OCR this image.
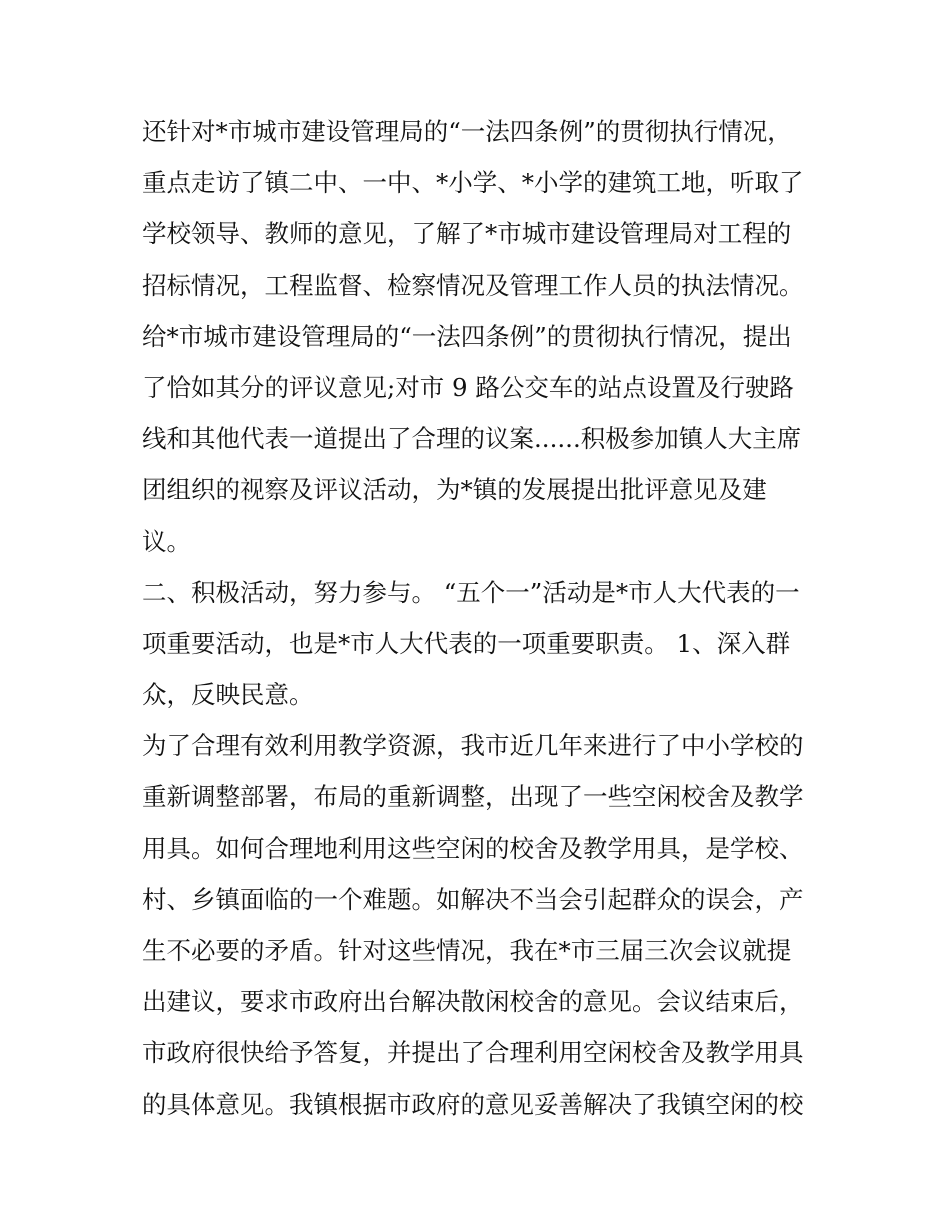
还针对*市城市建设管理局的“一法四条例”的贯彻执行情况，
重点走访了镇二中、一中、*小学、*小学的建筑工地，听取了
学校领导、教师的意见，了解了*市城市建设管理局对工程的
招标情况，工程监督、检察情况及管理工作人员的执法情况。
给*市城市建设管理局的“一法四条例”的贯彻执行情况，提出
了恰如其分的评议意见;对市 9 路公交车的站点设置及行驶路
线和其他代表一道提出了合理的议案......积极参加镇人大主席
团组织的视察及评议活动，为*镇的发展提出批评意见及建
议。
二、积极活动，努力参与。 “五个一”活动是*市人大代表的一
项重要活动，也是*市人大代表的一项重要职责。 1、深入群
众，反映民意。
为了合理有效利用教学资源，我市近几年来进行了中小学校的
重新调整部署，布局的重新调整，出现了一些空闲校舍及教学
用具。如何合理地利用这些空闲的校舍及教学用具，是学校、
村、乡镇面临的一个难题。如解决不当会引起群众的误会，产
生不必要的矛盾。针对这些情况，我在*市三届三次会议就提
出建议，要求市政府出台解决散闲校舍的意见。会议结束后，
市政府很快给予答复，并提出了合理利用空闲校舍及教学用具
的具体意见。我镇根据市政府的意见妥善解决了我镇空闲的校
